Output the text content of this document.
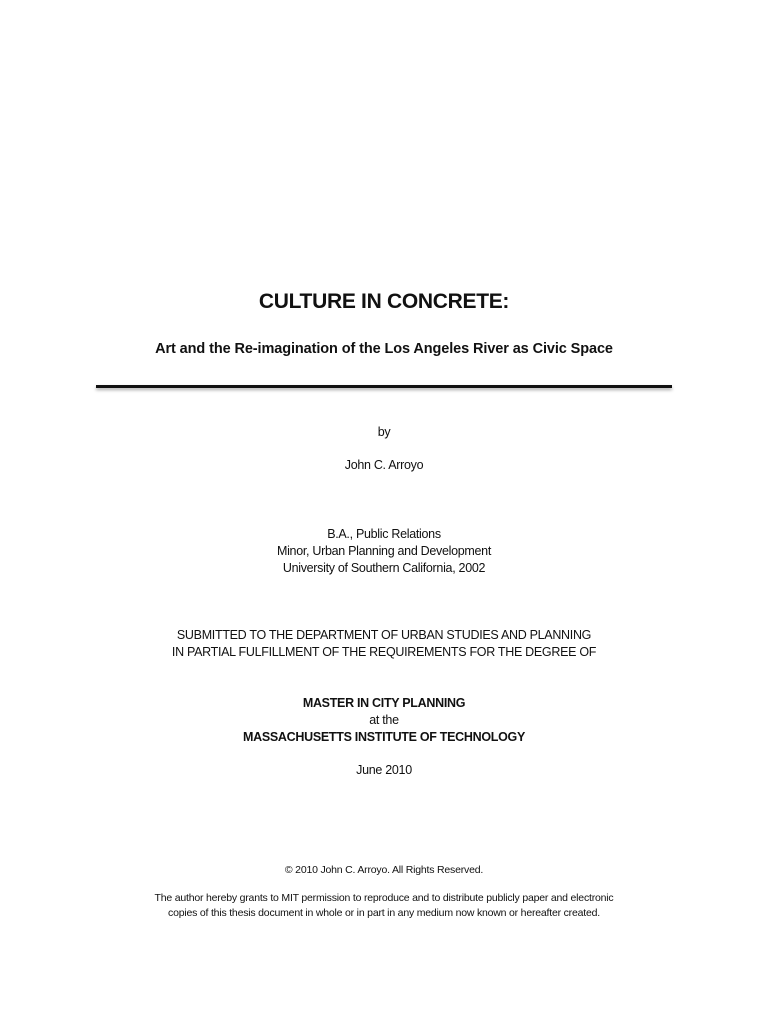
CULTURE IN CONCRETE:
Art and the Re-imagination of the Los Angeles River as Civic Space
by
John C. Arroyo
B.A., Public Relations
Minor, Urban Planning and Development
University of Southern California, 2002
SUBMITTED TO THE DEPARTMENT OF URBAN STUDIES AND PLANNING
IN PARTIAL FULFILLMENT OF THE REQUIREMENTS FOR THE DEGREE OF
MASTER IN CITY PLANNING
at the
MASSACHUSETTS INSTITUTE OF TECHNOLOGY
June 2010
© 2010 John C. Arroyo. All Rights Reserved.
The author hereby grants to MIT permission to reproduce and to distribute publicly paper and electronic
copies of this thesis document in whole or in part in any medium now known or hereafter created.
